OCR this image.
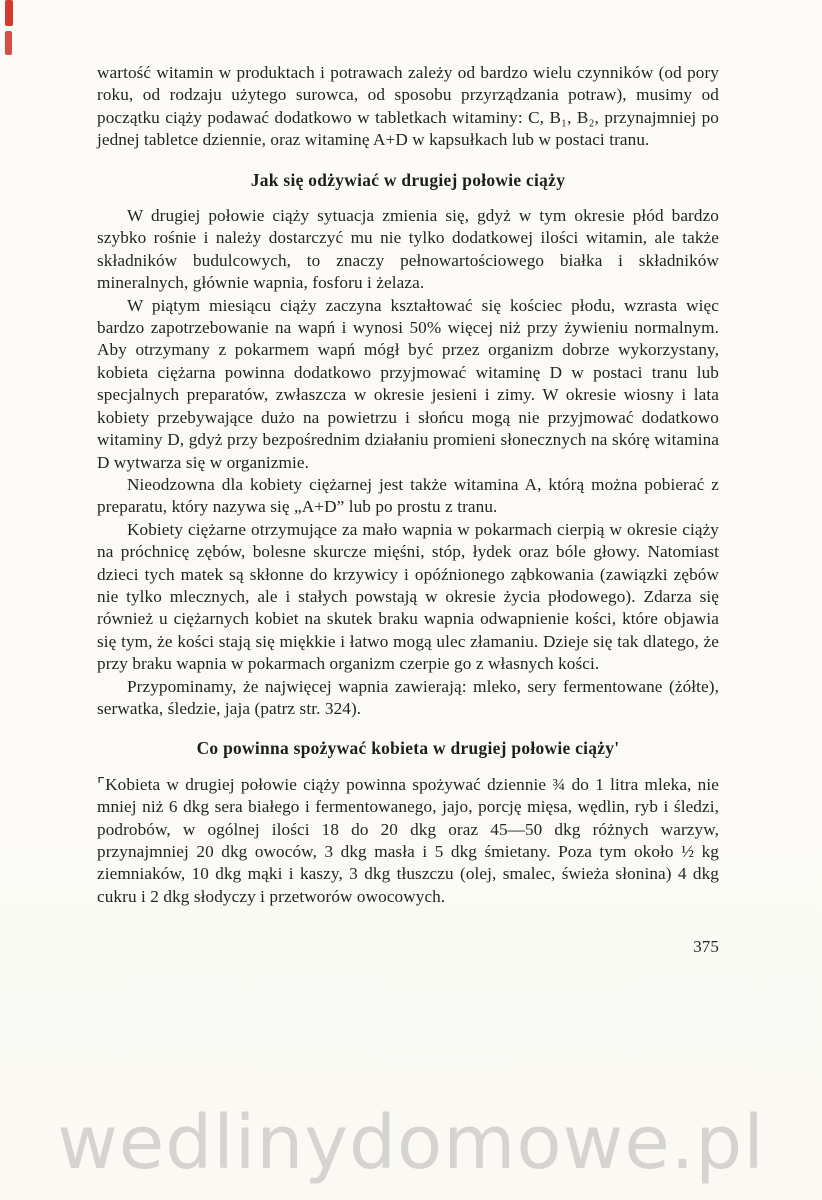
wartość witamin w produktach i potrawach zależy od bardzo wielu czynników (od pory roku, od rodzaju użytego surowca, od sposobu przyrządzania potraw), musimy od początku ciąży podawać dodatkowo w tabletkach witaminy: C, B₁, B₂, przynajmniej po jednej tabletce dziennie, oraz witaminę A+D w kapsułkach lub w postaci tranu.

Jak się odżywiać w drugiej połowie ciąży

W drugiej połowie ciąży sytuacja zmienia się, gdyż w tym okresie płód bardzo szybko rośnie i należy dostarczyć mu nie tylko dodatkowej ilości witamin, ale także składników budulcowych, to znaczy pełnowartościowego białka i składników mineralnych, głównie wapnia, fosforu i żelaza.

W piątym miesiącu ciąży zaczyna kształtować się kościec płodu, wzrasta więc bardzo zapotrzebowanie na wapń i wynosi 50% więcej niż przy żywieniu normalnym. Aby otrzymany z pokarmem wapń mógł być przez organizm dobrze wykorzystany, kobieta ciężarna powinna dodatkowo przyjmować witaminę D w postaci tranu lub specjalnych preparatów, zwłaszcza w okresie jesieni i zimy. W okresie wiosny i lata kobiety przebywające dużo na powietrzu i słońcu mogą nie przyjmować dodatkowo witaminy D, gdyż przy bezpośrednim działaniu promieni słonecznych na skórę witamina D wytwarza się w organizmie.

Nieodzowna dla kobiety ciężarnej jest także witamina A, którą można pobierać z preparatu, który nazywa się „A+D” lub po prostu z tranu.

Kobiety ciężarne otrzymujące za mało wapnia w pokarmach cierpią w okresie ciąży na próchnicę zębów, bolesne skurcze mięśni, stóp, łydek oraz bóle głowy. Natomiast dzieci tych matek są skłonne do krzywicy i opóźnionego ząbkowania (zawiązki zębów nie tylko mlecznych, ale i stałych powstają w okresie życia płodowego). Zdarza się również u ciężarnych kobiet na skutek braku wapnia odwapnienie kości, które objawia się tym, że kości stają się miękkie i łatwo mogą ulec złamaniu. Dzieje się tak dlatego, że przy braku wapnia w pokarmach organizm czerpie go z własnych kości.

Przypominamy, że najwięcej wapnia zawierają: mleko, sery fermentowane (żółte), serwatka, śledzie, jaja (patrz str. 324).

Co powinna spożywać kobieta w drugiej połowie ciąży'

⌜Kobieta w drugiej połowie ciąży powinna spożywać dziennie ¾ do 1 litra mleka, nie mniej niż 6 dkg sera białego i fermentowanego, jajo, porcję mięsa, wędlin, ryb i śledzi, podrobów, w ogólnej ilości 18 do 20 dkg oraz 45—50 dkg różnych warzyw, przynajmniej 20 dkg owoców, 3 dkg masła i 5 dkg śmietany. Poza tym około ½ kg ziemniaków, 10 dkg mąki i kaszy, 3 dkg tłuszczu (olej, smalec, świeża słonina) 4 dkg cukru i 2 dkg słodyczy i przetworów owocowych.

375
wedlinydomowe.pl
